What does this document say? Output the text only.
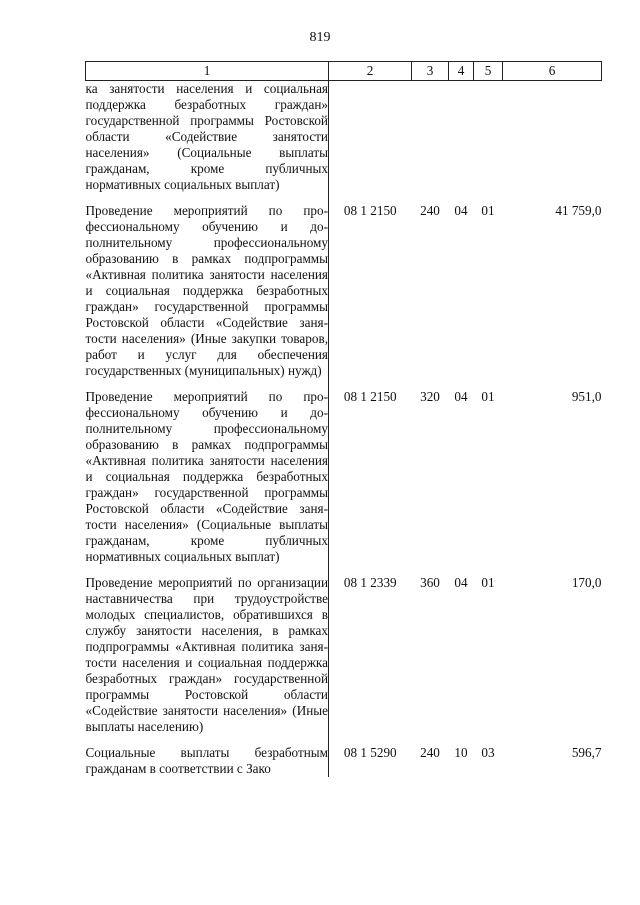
819
1	2	3	4	5	6
ка занятости населения и социальная поддержка безработных граждан» государственной программы Ростовской области «Содействие занятости населения» (Социальные выплаты гражданам, кроме публичных нормативных социальных выплат)					

Проведение мероприятий по профессиональному обучению и дополнительному профессиональному образованию в рамках подпрограммы «Активная политика занятости населения и социальная поддержка безработных граждан» государственной программы Ростовской области «Содействие занятости населения» (Иные закупки товаров, работ и услуг для обеспечения государственных (муниципальных) нужд)	08 1 2150	240	04	01	41 759,0

Проведение мероприятий по профессиональному обучению и дополнительному профессиональному образованию в рамках подпрограммы «Активная политика занятости населения и социальная поддержка безработных граждан» государственной программы Ростовской области «Содействие занятости населения» (Социальные выплаты гражданам, кроме публичных нормативных социальных выплат)	08 1 2150	320	04	01	951,0

Проведение мероприятий по организации наставничества при трудоустройстве молодых специалистов, обратившихся в службу занятости населения, в рамках подпрограммы «Активная политика занятости населения и социальная поддержка безработных граждан» государственной программы Ростовской области «Содействие занятости населения» (Иные выплаты населению)	08 1 2339	360	04	01	170,0

Социальные выплаты безработным гражданам в соответствии с Зако	08 1 5290	240	10	03	596,7
